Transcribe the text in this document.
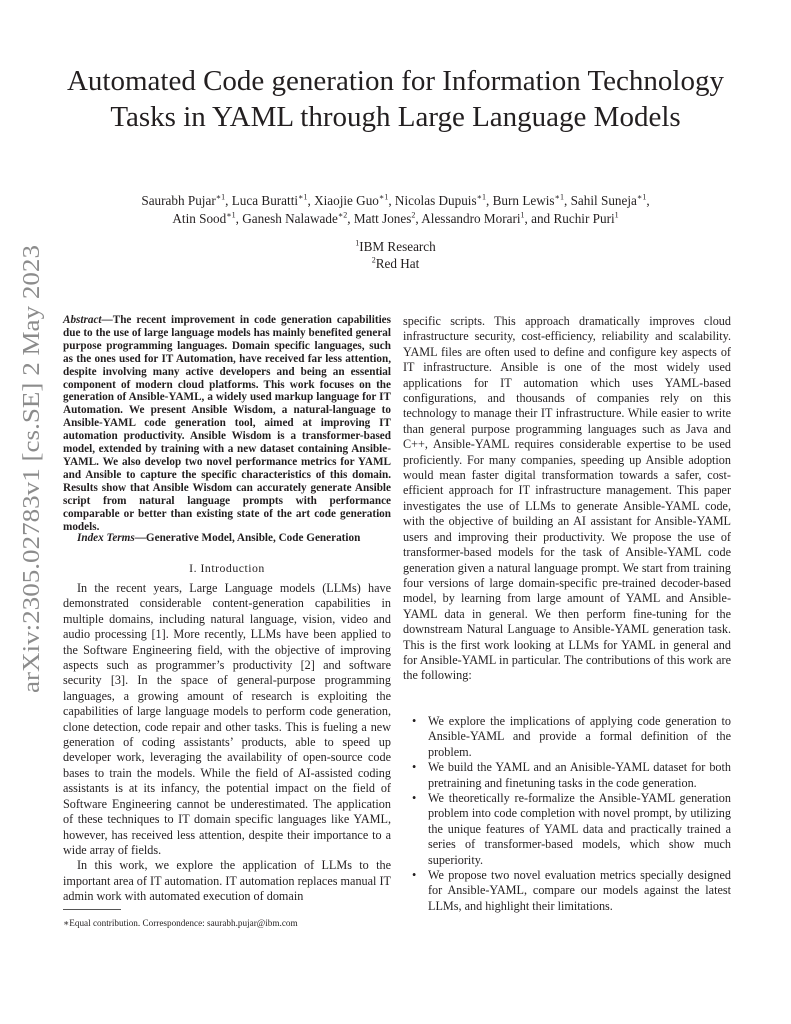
arXiv:2305.02783v1 [cs.SE] 2 May 2023
Automated Code generation for Information Technology Tasks in YAML through Large Language Models
Saurabh Pujar$^{∗1}$, Luca Buratti$^{∗1}$, Xiaojie Guo$^{∗1}$, Nicolas Dupuis$^{∗1}$, Burn Lewis$^{∗1}$, Sahil Suneja$^{∗1}$,
Atin Sood$^{∗1}$, Ganesh Nalawade$^{∗2}$, Matt Jones$^2$, Alessandro Morari$^1$, and Ruchir Puri$^1$
$^1$IBM Research
$^2$Red Hat
Abstract—The recent improvement in code generation capabilities due to the use of large language models has mainly benefited general purpose programming languages. Domain specific languages, such as the ones used for IT Automation, have received far less attention, despite involving many active developers and being an essential component of modern cloud platforms. This work focuses on the generation of Ansible-YAML, a widely used markup language for IT Automation. We present Ansible Wisdom, a natural-language to Ansible-YAML code generation tool, aimed at improving IT automation productivity. Ansible Wisdom is a transformer-based model, extended by training with a new dataset containing Ansible-YAML. We also develop two novel performance metrics for YAML and Ansible to capture the specific characteristics of this domain. Results show that Ansible Wisdom can accurately generate Ansible script from natural language prompts with performance comparable or better than existing state of the art code generation models.
Index Terms—Generative Model, Ansible, Code Generation
I. Introduction

In the recent years, Large Language models (LLMs) have demonstrated considerable content-generation capabilities in multiple domains, including natural language, vision, video and audio processing [1]. More recently, LLMs have been applied to the Software Engineering field, with the objective of improving aspects such as programmer’s productivity [2] and software security [3]. In the space of general-purpose programming languages, a growing amount of research is exploiting the capabilities of large language models to perform code generation, clone detection, code repair and other tasks. This is fueling a new generation of coding assistants’ products, able to speed up developer work, leveraging the availability of open-source code bases to train the models. While the field of AI-assisted coding assistants is at its infancy, the potential impact on the field of Software Engineering cannot be underestimated. The application of these techniques to IT domain specific languages like YAML, however, has received less attention, despite their importance to a wide array of fields.

In this work, we explore the application of LLMs to the important area of IT automation. IT automation replaces manual IT admin work with automated execution of domain

∗Equal contribution. Correspondence: saurabh.pujar@ibm.com

specific scripts. This approach dramatically improves cloud infrastructure security, cost-efficiency, reliability and scalability. YAML files are often used to define and configure key aspects of IT infrastructure. Ansible is one of the most widely used applications for IT automation which uses YAML-based configurations, and thousands of companies rely on this technology to manage their IT infrastructure. While easier to write than general purpose programming languages such as Java and C++, Ansible-YAML requires considerable expertise to be used proficiently. For many companies, speeding up Ansible adoption would mean faster digital transformation towards a safer, cost-efficient approach for IT infrastructure management. This paper investigates the use of LLMs to generate Ansible-YAML code, with the objective of building an AI assistant for Ansible-YAML users and improving their productivity. We propose the use of transformer-based models for the task of Ansible-YAML code generation given a natural language prompt. We start from training four versions of large domain-specific pre-trained decoder-based model, by learning from large amount of YAML and Ansible-YAML data in general. We then perform fine-tuning for the downstream Natural Language to Ansible-YAML generation task. This is the first work looking at LLMs for YAML in general and for Ansible-YAML in particular. The contributions of this work are the following:

• We explore the implications of applying code generation to Ansible-YAML and provide a formal definition of the problem.
• We build the YAML and an Anisible-YAML dataset for both pretraining and finetuning tasks in the code generation.
• We theoretically re-formalize the Ansible-YAML generation problem into code completion with novel prompt, by utilizing the unique features of YAML data and practically trained a series of transformer-based models, which show much superiority.
• We propose two novel evaluation metrics specially designed for Ansible-YAML, compare our models against the latest LLMs, and highlight their limitations.
